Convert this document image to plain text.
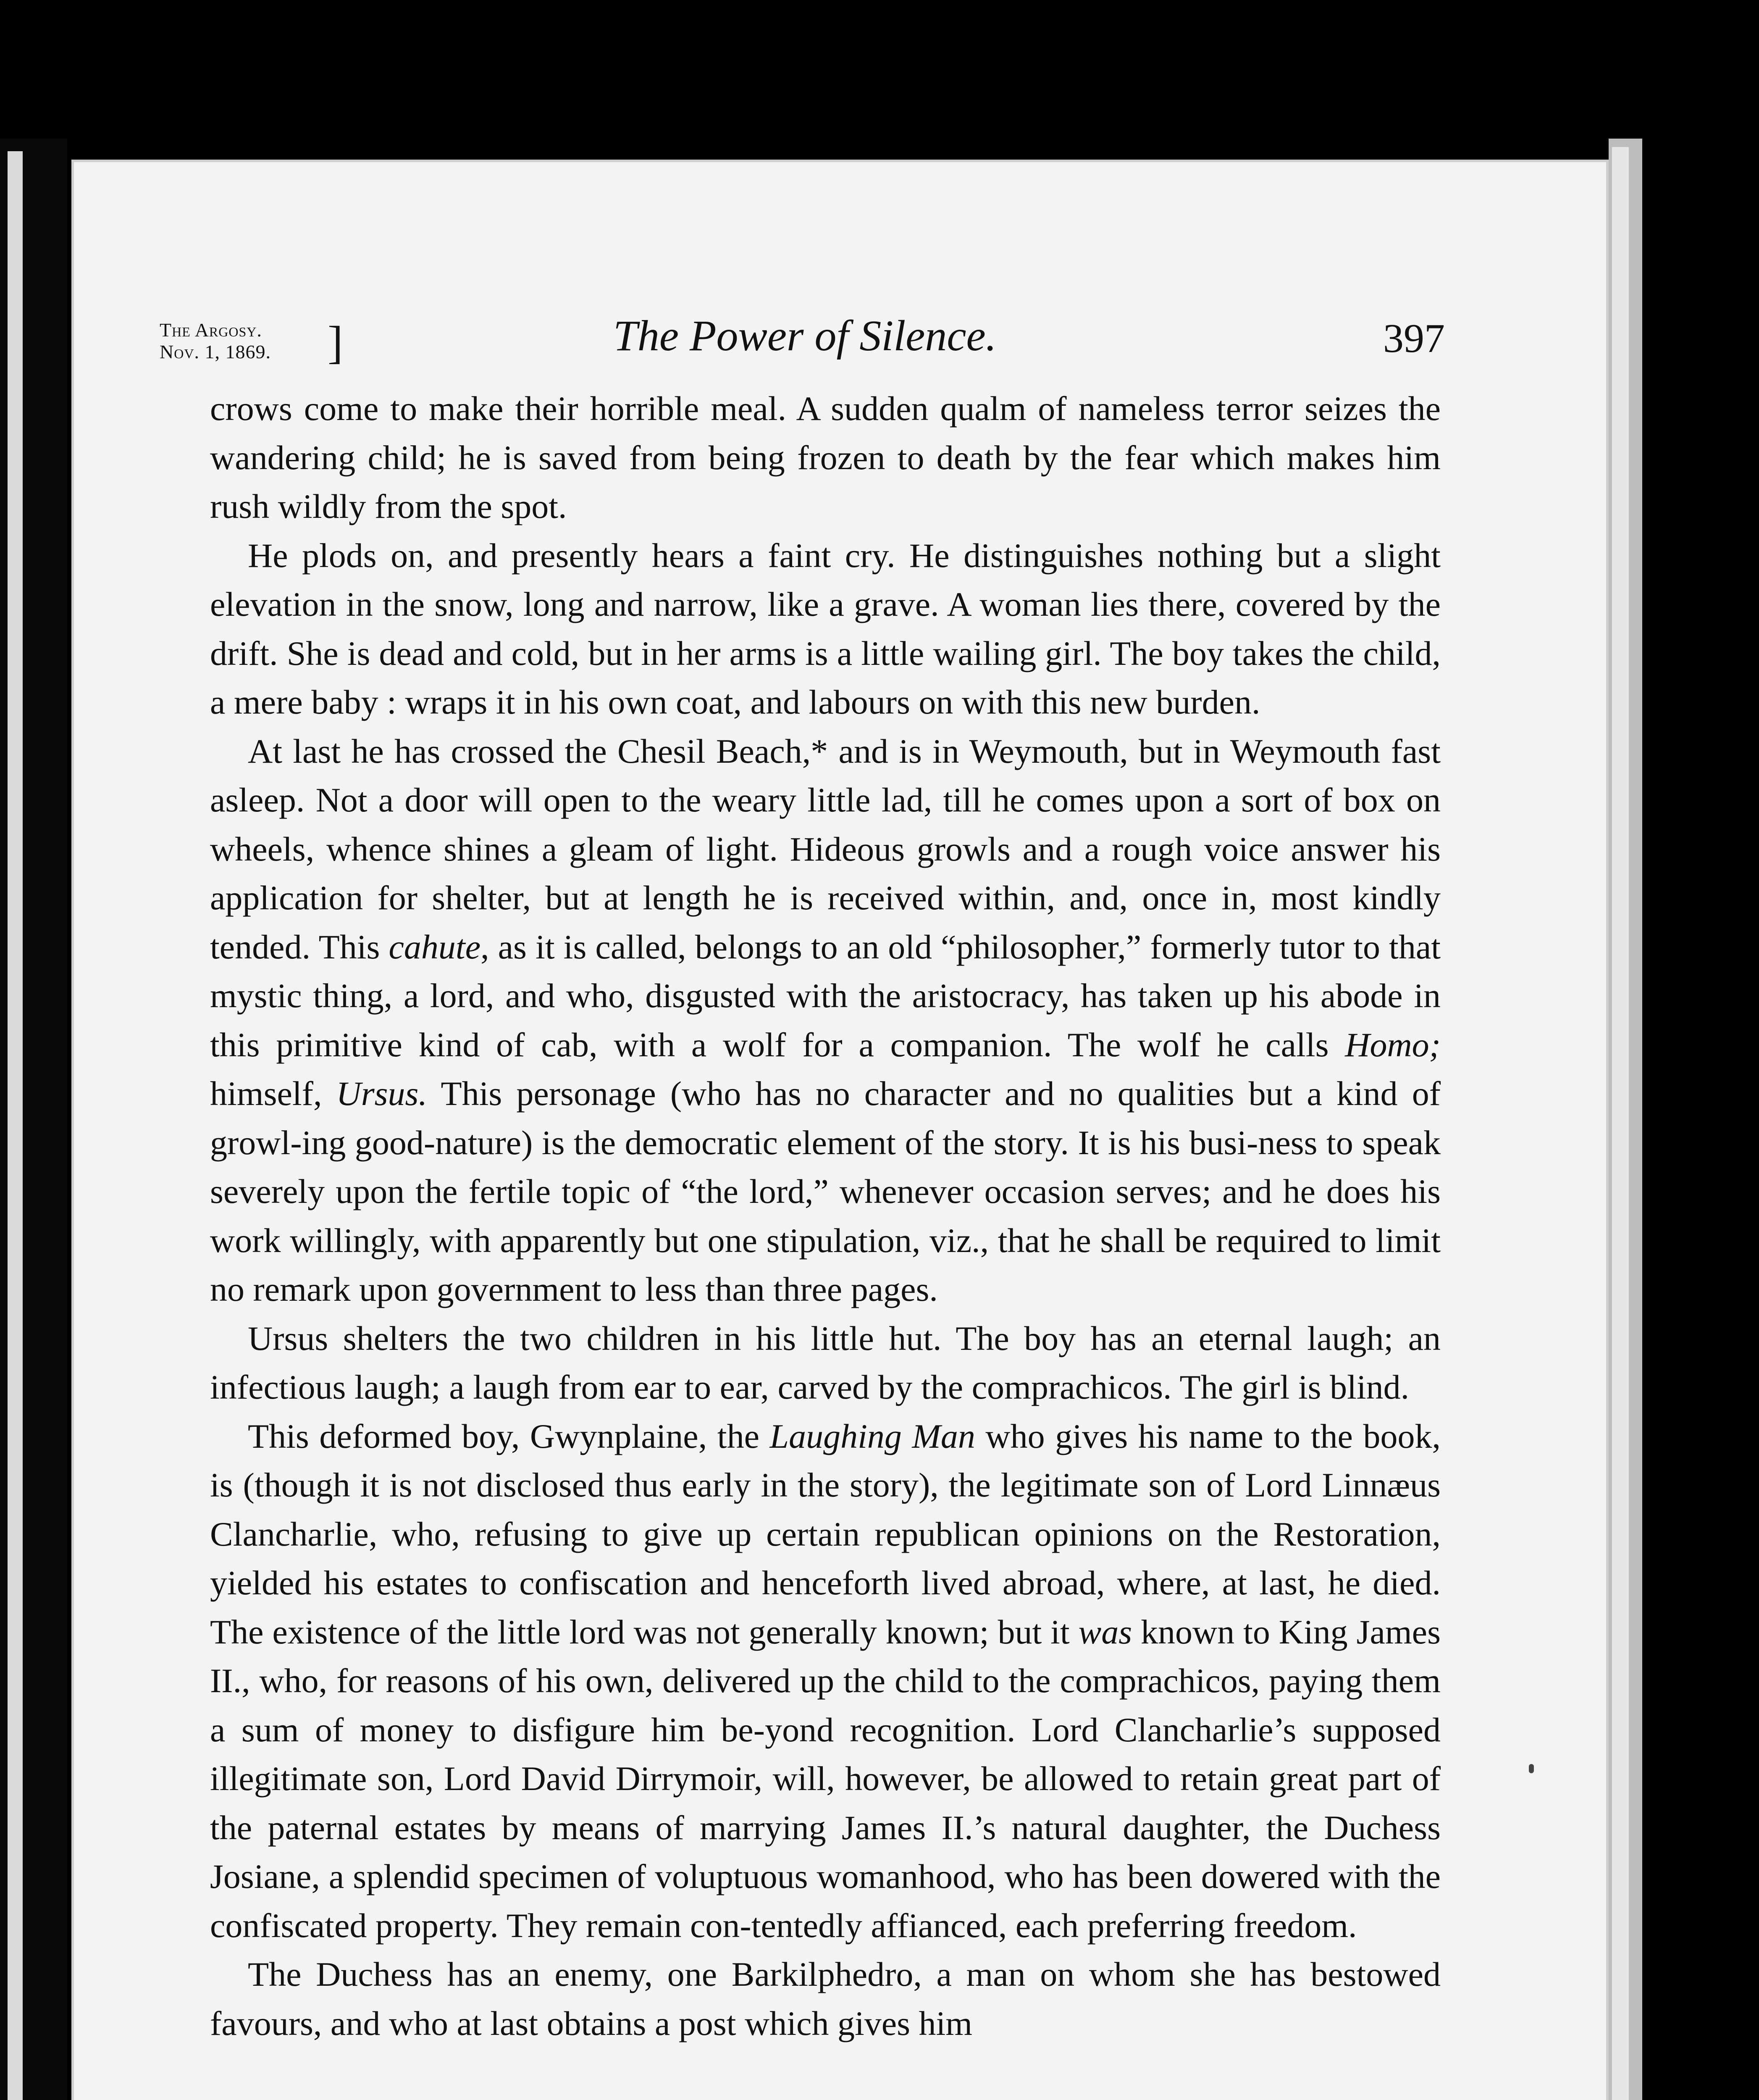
The Argosy.
Nov. 1, 1869. ]	The Power of Silence.	397

crows come to make their horrible meal. A sudden qualm of nameless terror seizes the wandering child; he is saved from being frozen to death by the fear which makes him rush wildly from the spot.

He plods on, and presently hears a faint cry. He distinguishes nothing but a slight elevation in the snow, long and narrow, like a grave. A woman lies there, covered by the drift. She is dead and cold, but in her arms is a little wailing girl. The boy takes the child, a mere baby : wraps it in his own coat, and labours on with this new burden.

At last he has crossed the Chesil Beach,* and is in Weymouth, but in Weymouth fast asleep. Not a door will open to the weary little lad, till he comes upon a sort of box on wheels, whence shines a gleam of light. Hideous growls and a rough voice answer his application for shelter, but at length he is received within, and, once in, most kindly tended. This cahute, as it is called, belongs to an old “philosopher,” formerly tutor to that mystic thing, a lord, and who, disgusted with the aristocracy, has taken up his abode in this primitive kind of cab, with a wolf for a companion. The wolf he calls Homo; himself, Ursus. This personage (who has no character and no qualities but a kind of growl-ing good-nature) is the democratic element of the story. It is his busi-ness to speak severely upon the fertile topic of “the lord,” whenever occasion serves; and he does his work willingly, with apparently but one stipulation, viz., that he shall be required to limit no remark upon government to less than three pages.

Ursus shelters the two children in his little hut. The boy has an eternal laugh; an infectious laugh; a laugh from ear to ear, carved by the comprachicos. The girl is blind.

This deformed boy, Gwynplaine, the Laughing Man who gives his name to the book, is (though it is not disclosed thus early in the story), the legitimate son of Lord Linnæus Clancharlie, who, refusing to give up certain republican opinions on the Restoration, yielded his estates to confiscation and henceforth lived abroad, where, at last, he died. The existence of the little lord was not generally known; but it was known to King James II., who, for reasons of his own, delivered up the child to the comprachicos, paying them a sum of money to disfigure him be-yond recognition. Lord Clancharlie’s supposed illegitimate son, Lord David Dirrymoir, will, however, be allowed to retain great part of the paternal estates by means of marrying James II.’s natural daughter, the Duchess Josiane, a splendid specimen of voluptuous womanhood, who has been dowered with the confiscated property. They remain con-tentedly affianced, each preferring freedom.

The Duchess has an enemy, one Barkilphedro, a man on whom she has bestowed favours, and who at last obtains a post which gives him
